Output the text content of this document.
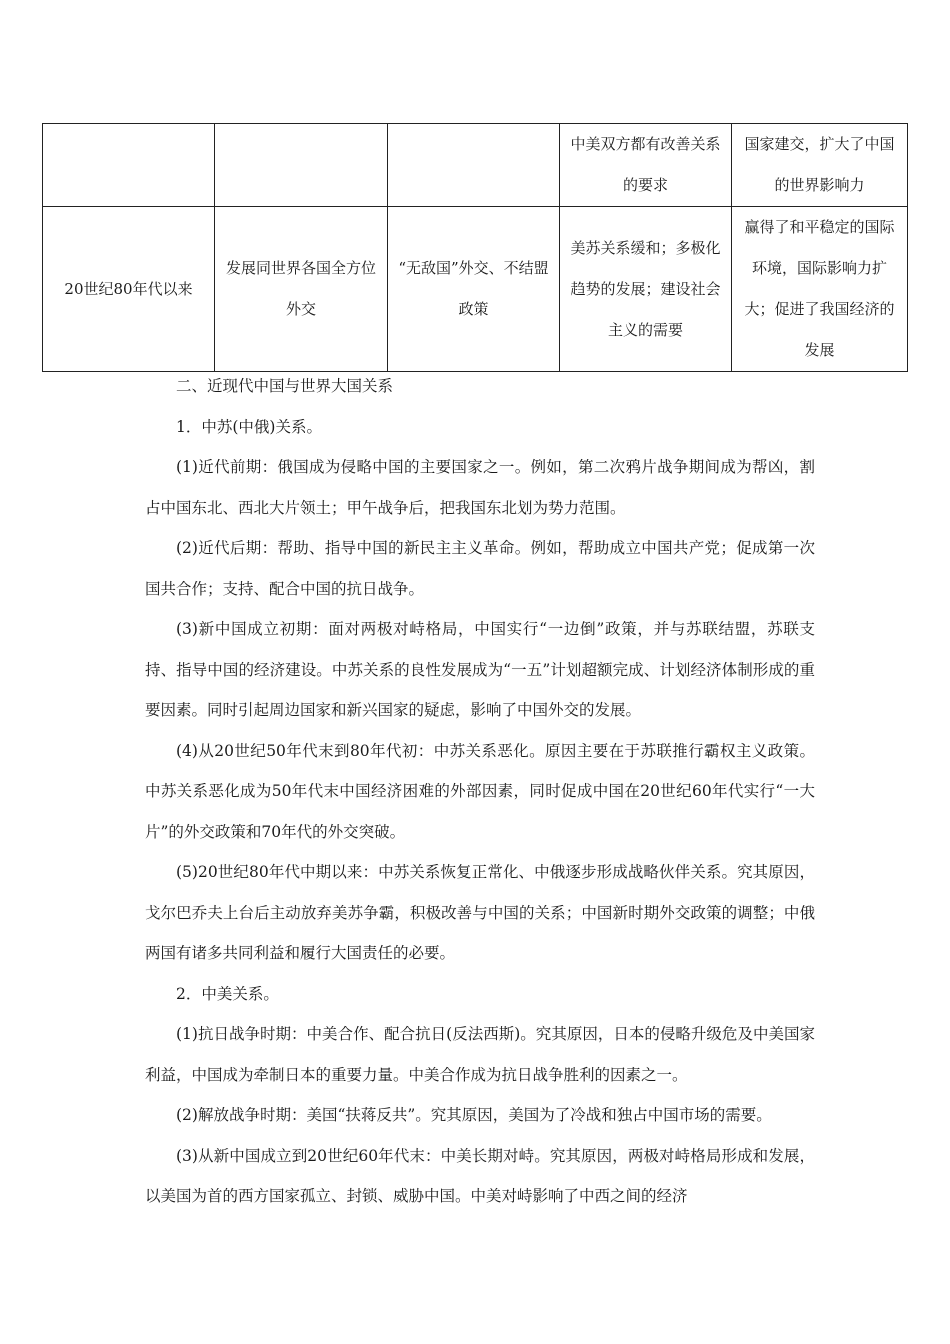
			中美双方都有改善关系的要求	国家建交，扩大了中国的世界影响力
20世纪80年代以来	发展同世界各国全方位外交	“无敌国”外交、不结盟政策	美苏关系缓和；多极化趋势的发展；建设社会主义的需要	赢得了和平稳定的国际环境，国际影响力扩大；促进了我国经济的发展

二、近现代中国与世界大国关系

1．中苏(中俄)关系。

(1)近代前期：俄国成为侵略中国的主要国家之一。例如，第二次鸦片战争期间成为帮凶，割占中国东北、西北大片领土；甲午战争后，把我国东北划为势力范围。

(2)近代后期：帮助、指导中国的新民主主义革命。例如，帮助成立中国共产党；促成第一次国共合作；支持、配合中国的抗日战争。

(3)新中国成立初期：面对两极对峙格局，中国实行“一边倒”政策，并与苏联结盟，苏联支持、指导中国的经济建设。中苏关系的良性发展成为“一五”计划超额完成、计划经济体制形成的重要因素。同时引起周边国家和新兴国家的疑虑，影响了中国外交的发展。

(4)从20世纪50年代末到80年代初：中苏关系恶化。原因主要在于苏联推行霸权主义政策。中苏关系恶化成为50年代末中国经济困难的外部因素，同时促成中国在20世纪60年代实行“一大片”的外交政策和70年代的外交突破。

(5)20世纪80年代中期以来：中苏关系恢复正常化、中俄逐步形成战略伙伴关系。究其原因，戈尔巴乔夫上台后主动放弃美苏争霸，积极改善与中国的关系；中国新时期外交政策的调整；中俄两国有诸多共同利益和履行大国责任的必要。

2．中美关系。

(1)抗日战争时期：中美合作、配合抗日(反法西斯)。究其原因，日本的侵略升级危及中美国家利益，中国成为牵制日本的重要力量。中美合作成为抗日战争胜利的因素之一。

(2)解放战争时期：美国“扶蒋反共”。究其原因，美国为了冷战和独占中国市场的需要。

(3)从新中国成立到20世纪60年代末：中美长期对峙。究其原因，两极对峙格局形成和发展，以美国为首的西方国家孤立、封锁、威胁中国。中美对峙影响了中西之间的经济
